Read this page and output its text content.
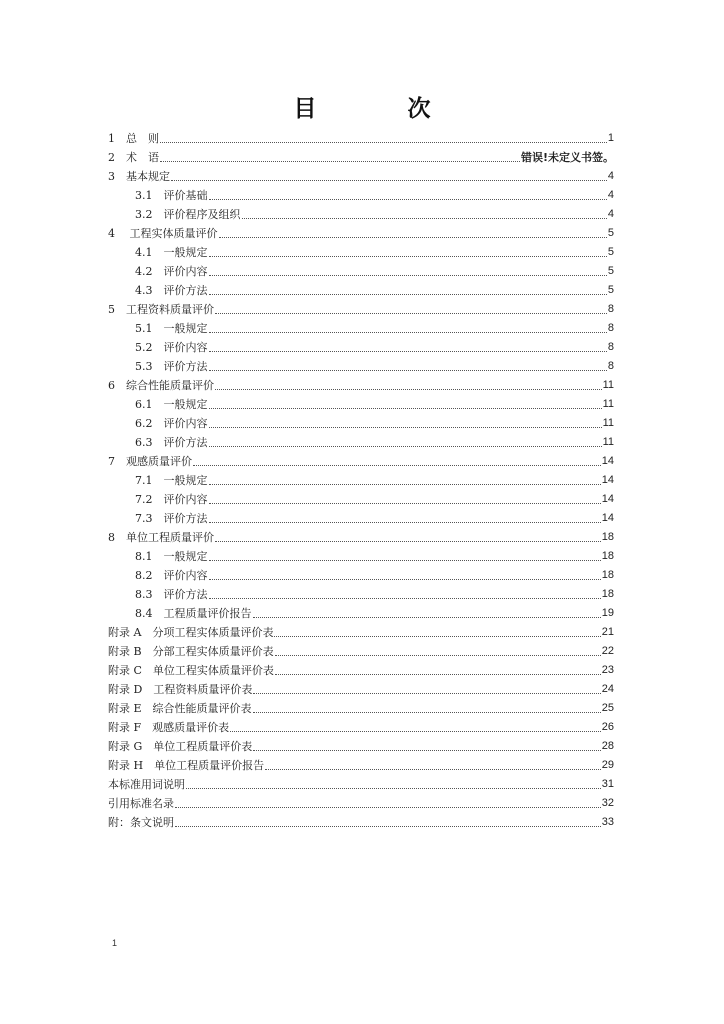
目　次
1　总　则	1
2　术　语	错误!未定义书签。
3　基本规定	4
3.1　评价基础	4
3.2　评价程序及组织	4
4　 工程实体质量评价	5
4.1　一般规定	5
4.2　评价内容	5
4.3　评价方法	5
5　工程资料质量评价	8
5.1　一般规定	8
5.2　评价内容	8
5.3　评价方法	8
6　综合性能质量评价	11
6.1　一般规定	11
6.2　评价内容	11
6.3　评价方法	11
7　观感质量评价	14
7.1　一般规定	14
7.2　评价内容	14
7.3　评价方法	14
8　单位工程质量评价	18
8.1　一般规定	18
8.2　评价内容	18
8.3　评价方法	18
8.4　工程质量评价报告	19
附录 A　分项工程实体质量评价表	21
附录 B　分部工程实体质量评价表	22
附录 C　单位工程实体质量评价表	23
附录 D　工程资料质量评价表	24
附录 E　综合性能质量评价表	25
附录 F　观感质量评价表	26
附录 G　单位工程质量评价表	28
附录 H　单位工程质量评价报告	29
本标准用词说明	31
引用标准名录	32
附：条文说明	33
1
